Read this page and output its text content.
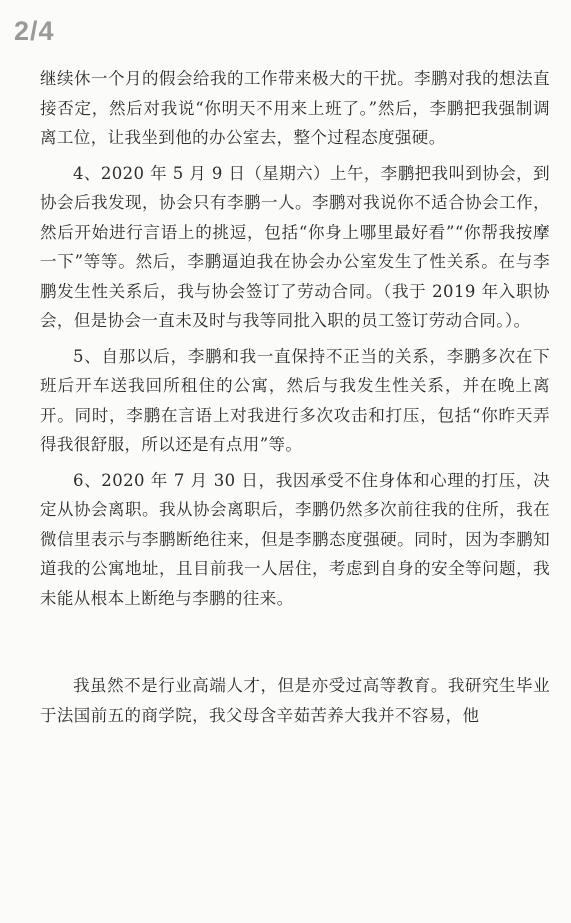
2/4

继续休一个月的假会给我的工作带来极大的干扰。李鹏对我的想法直接否定，然后对我说“你明天不用来上班了。”然后，李鹏把我强制调离工位，让我坐到他的办公室去，整个过程态度强硬。

4、2020 年 5 月 9 日（星期六）上午，李鹏把我叫到协会，到协会后我发现，协会只有李鹏一人。李鹏对我说你不适合协会工作，然后开始进行言语上的挑逗，包括“你身上哪里最好看”“你帮我按摩一下”等等。然后，李鹏逼迫我在协会办公室发生了性关系。在与李鹏发生性关系后，我与协会签订了劳动合同。（我于 2019 年入职协会，但是协会一直未及时与我等同批入职的员工签订劳动合同。）。

5、自那以后，李鹏和我一直保持不正当的关系，李鹏多次在下班后开车送我回所租住的公寓，然后与我发生性关系，并在晚上离开。同时，李鹏在言语上对我进行多次攻击和打压，包括“你昨天弄得我很舒服，所以还是有点用”等。

6、2020 年 7 月 30 日，我因承受不住身体和心理的打压，决定从协会离职。我从协会离职后，李鹏仍然多次前往我的住所，我在微信里表示与李鹏断绝往来，但是李鹏态度强硬。同时，因为李鹏知道我的公寓地址，且目前我一人居住，考虑到自身的安全等问题，我未能从根本上断绝与李鹏的往来。

我虽然不是行业高端人才，但是亦受过高等教育。我研究生毕业于法国前五的商学院，我父母含辛茹苦养大我并不容易，他
